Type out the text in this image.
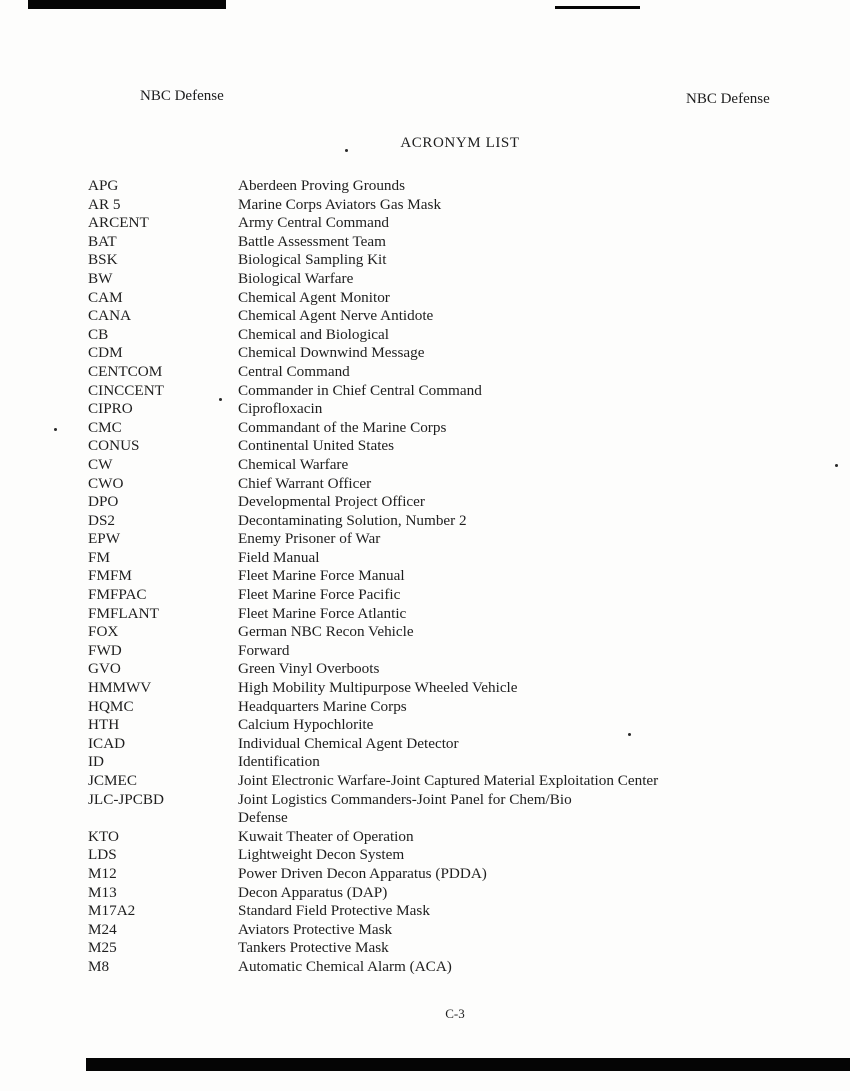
NBC Defense	NBC Defense
ACRONYM LIST
APG	Aberdeen Proving Grounds
AR 5	Marine Corps Aviators Gas Mask
ARCENT	Army Central Command
BAT	Battle Assessment Team
BSK	Biological Sampling Kit
BW	Biological Warfare
CAM	Chemical Agent Monitor
CANA	Chemical Agent Nerve Antidote
CB	Chemical and Biological
CDM	Chemical Downwind Message
CENTCOM	Central Command
CINCCENT	Commander in Chief Central Command
CIPRO	Ciprofloxacin
CMC	Commandant of the Marine Corps
CONUS	Continental United States
CW	Chemical Warfare
CWO	Chief Warrant Officer
DPO	Developmental Project Officer
DS2	Decontaminating Solution, Number 2
EPW	Enemy Prisoner of War
FM	Field Manual
FMFM	Fleet Marine Force Manual
FMFPAC	Fleet Marine Force Pacific
FMFLANT	Fleet Marine Force Atlantic
FOX	German NBC Recon Vehicle
FWD	Forward
GVO	Green Vinyl Overboots
HMMWV	High Mobility Multipurpose Wheeled Vehicle
HQMC	Headquarters Marine Corps
HTH	Calcium Hypochlorite
ICAD	Individual Chemical Agent Detector
ID	Identification
JCMEC	Joint Electronic Warfare-Joint Captured Material Exploitation Center
JLC-JPCBD	Joint Logistics Commanders-Joint Panel for Chem/Bio
Defense
KTO	Kuwait Theater of Operation
LDS	Lightweight Decon System
M12	Power Driven Decon Apparatus (PDDA)
M13	Decon Apparatus (DAP)
M17A2	Standard Field Protective Mask
M24	Aviators Protective Mask
M25	Tankers Protective Mask
M8	Automatic Chemical Alarm (ACA)
C-3
